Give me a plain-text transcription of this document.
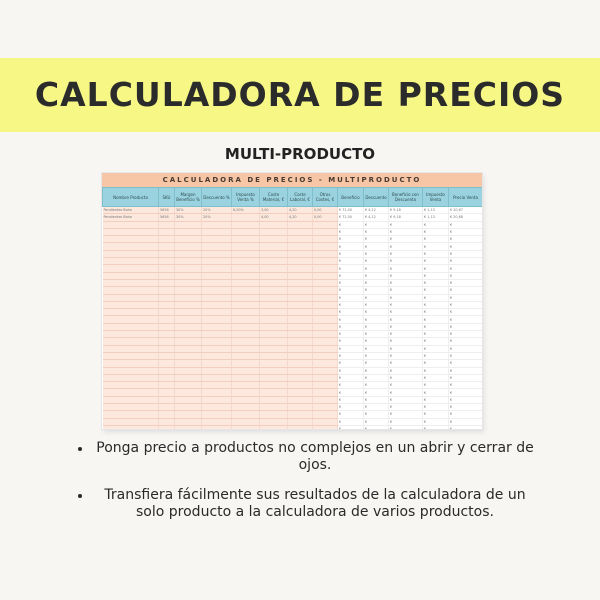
CALCULADORA DE PRECIOS
MULTI-PRODUCTO
CALCULADORA DE PRECIOS - MULTIPRODUCTO
Nombre Producto	SKU	Margen Beneficio %	Descuento %	Impuesto Venta %	Coste Material, €	Coste Laboral, €	Otros Costes, €	Beneficio	Descuento	Beneficio con Descuento	Impuesto Venta	Precio Venta
Pendientes Boho	5656	30%	20%	6,00%	3,00	4,20	0,00	€ 72,00	€ 4,12	€ 9,18	€ 1,13	€ 20,67
Pendientes Boho	5656	30%	20%		4,00	4,20	0,00	€ 72,00	€ 4,12	€ 9,18	€ 1,13	€ 20,68
								€	€	€	€	€
								€	€	€	€	€
								€	€	€	€	€
								€	€	€	€	€
								€	€	€	€	€
								€	€	€	€	€
								€	€	€	€	€
								€	€	€	€	€
								€	€	€	€	€
								€	€	€	€	€
								€	€	€	€	€
								€	€	€	€	€
								€	€	€	€	€
								€	€	€	€	€
								€	€	€	€	€
								€	€	€	€	€
								€	€	€	€	€
								€	€	€	€	€
								€	€	€	€	€
								€	€	€	€	€
								€	€	€	€	€
								€	€	€	€	€
								€	€	€	€	€
								€	€	€	€	€
								€	€	€	€	€
								€	€	€	€	€
								€	€	€	€	€
								€	€	€	€	€
								€	€	€	€	€

Ponga precio a productos no complejos en un abrir y cerrar de ojos.
Transfiera fácilmente sus resultados de la calculadora de un solo producto a la calculadora de varios productos.
